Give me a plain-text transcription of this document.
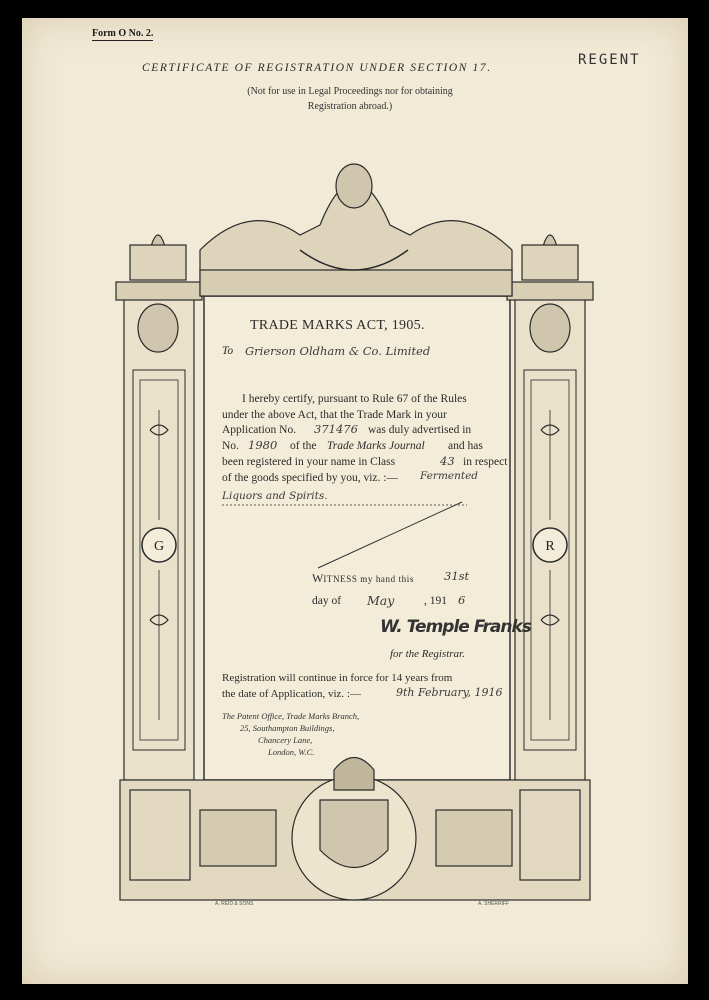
Form O No. 2.

CERTIFICATE OF REGISTRATION UNDER SECTION 17.	REGENT

(Not for use in Legal Proceedings nor for obtaining Registration abroad.)

G	R
A. REID & SONS	A. SHERRIFF

TRADE MARKS ACT, 1905.

To Grierson Oldham & Co. Limited

I hereby certify, pursuant to Rule 67 of the Rules

under the above Act, that the Trade Mark in your

Application No. 371476 was duly advertised in

No. 1980 of the Trade Marks Journal and has

been registered in your name in Class	43 in respect

of the goods specified by you, viz. :— Fermented

Liquors and Spirits.

WITNESS my hand this	31st

day of May	, 191 6

W. Temple Franks

for the Registrar.

Registration will continue in force for 14 years from

the date of Application, viz. :—	9th February, 1916

The Patent Office, Trade Marks Branch,

25, Southampton Buildings,

Chancery Lane,

London, W.C.
